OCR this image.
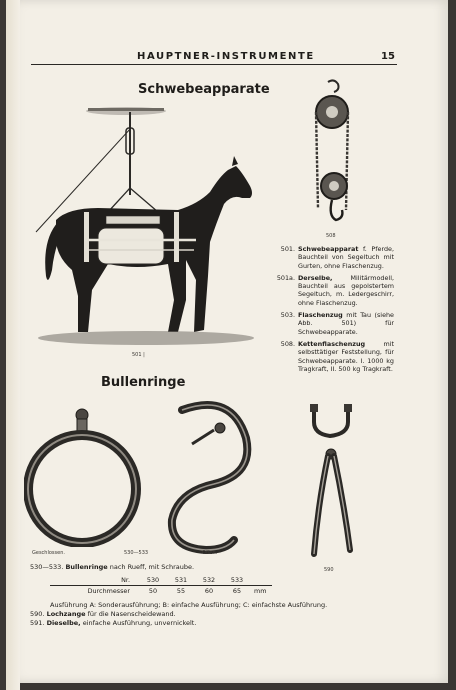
HAUPTNER-INSTRUMENTE	15
Schwebeapparate
501 |
508
501. Schwebeapparat f. Pferde, Bauchteil von Segeltuch mit Gurten, ohne Flaschenzug.
501a. Derselbe, Militärmodell, Bauchteil aus gepolstertem Segeltuch, m. Ledergeschirr, ohne Flaschenzug.
503. Flaschenzug mit Tau (siehe Abb. 501) für Schwebeapparate.
508. Kettenflaschenzug mit selbsttätiger Feststellung, für Schwebeapparate. I. 1000 kg Tragkraft, II. 500 kg Tragkraft.
Bullenringe
Geschlossen.	530—533	Offen.
590
530—533. Bullenringe nach Rueff, mit Schraube.
Nr.	530	531	532	533	
Durchmesser	50	55	60	65	mm
Ausführung A: Sonderausführung; B: einfache Ausführung; C: einfachste Ausführung.
590. Lochzange für die Nasenscheidewand.
591. Dieselbe, einfache Ausführung, unvernickelt.
